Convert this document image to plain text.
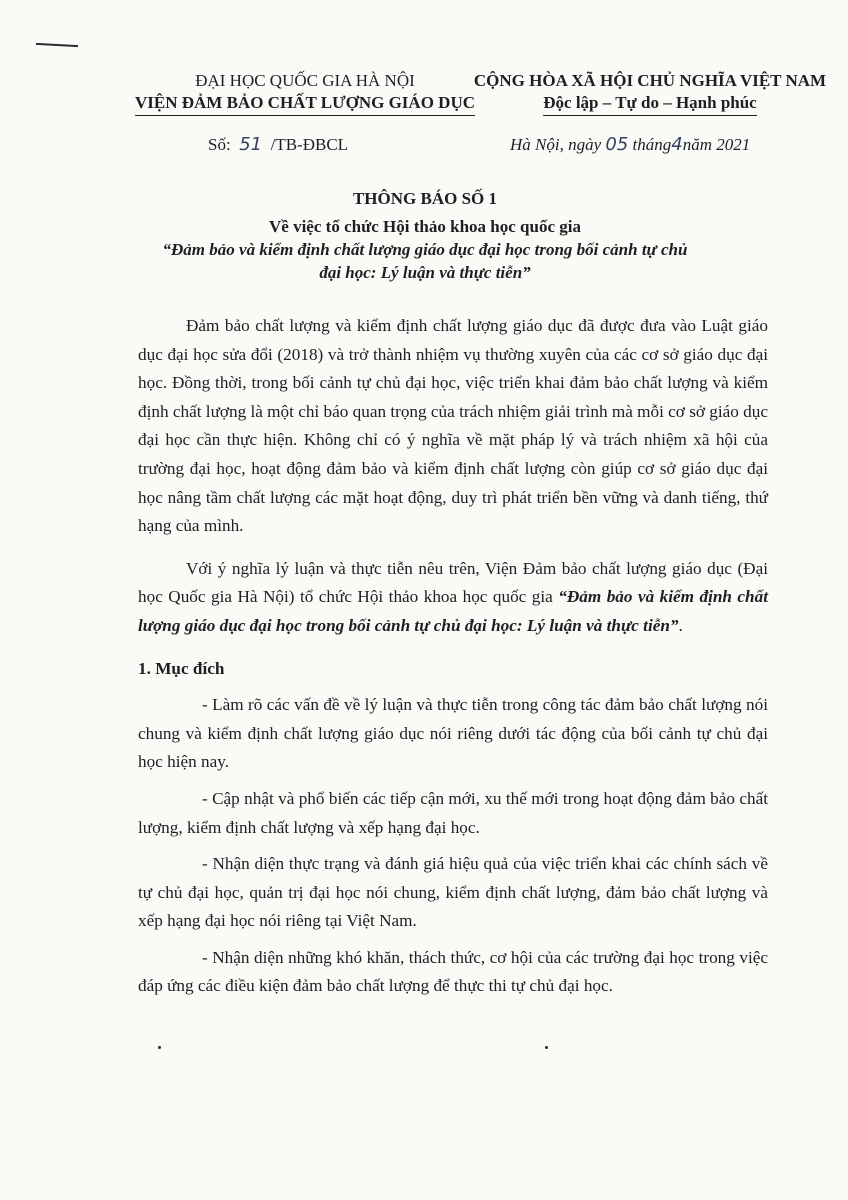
ĐẠI HỌC QUỐC GIA HÀ NỘI
VIỆN ĐẢM BẢO CHẤT LƯỢNG GIÁO DỤC
CỘNG HÒA XÃ HỘI CHỦ NGHĨA VIỆT NAM
Độc lập – Tự do – Hạnh phúc
Số: 51 /TB-ĐBCL	Hà Nội, ngày 05 tháng4năm 2021
THÔNG BÁO SỐ 1
Về việc tổ chức Hội thảo khoa học quốc gia
“Đảm bảo và kiểm định chất lượng giáo dục đại học trong bối cảnh tự chủ
đại học: Lý luận và thực tiễn”

Đảm bảo chất lượng và kiểm định chất lượng giáo dục đã được đưa vào Luật giáo dục đại học sửa đổi (2018) và trở thành nhiệm vụ thường xuyên của các cơ sở giáo dục đại học. Đồng thời, trong bối cảnh tự chủ đại học, việc triển khai đảm bảo chất lượng và kiểm định chất lượng là một chỉ báo quan trọng của trách nhiệm giải trình mà mỗi cơ sở giáo dục đại học cần thực hiện. Không chỉ có ý nghĩa về mặt pháp lý và trách nhiệm xã hội của trường đại học, hoạt động đảm bảo và kiểm định chất lượng còn giúp cơ sở giáo dục đại học nâng tầm chất lượng các mặt hoạt động, duy trì phát triển bền vững và danh tiếng, thứ hạng của mình.

Với ý nghĩa lý luận và thực tiễn nêu trên, Viện Đảm bảo chất lượng giáo dục (Đại học Quốc gia Hà Nội) tổ chức Hội thảo khoa học quốc gia “Đảm bảo và kiểm định chất lượng giáo dục đại học trong bối cảnh tự chủ đại học: Lý luận và thực tiễn”.

1. Mục đích

- Làm rõ các vấn đề về lý luận và thực tiễn trong công tác đảm bảo chất lượng nói chung và kiểm định chất lượng giáo dục nói riêng dưới tác động của bối cảnh tự chủ đại học hiện nay.

- Cập nhật và phổ biến các tiếp cận mới, xu thế mới trong hoạt động đảm bảo chất lượng, kiểm định chất lượng và xếp hạng đại học.

- Nhận diện thực trạng và đánh giá hiệu quả của việc triển khai các chính sách về tự chủ đại học, quản trị đại học nói chung, kiểm định chất lượng, đảm bảo chất lượng và xếp hạng đại học nói riêng tại Việt Nam.

- Nhận diện những khó khăn, thách thức, cơ hội của các trường đại học trong việc đáp ứng các điều kiện đảm bảo chất lượng để thực thi tự chủ đại học.
